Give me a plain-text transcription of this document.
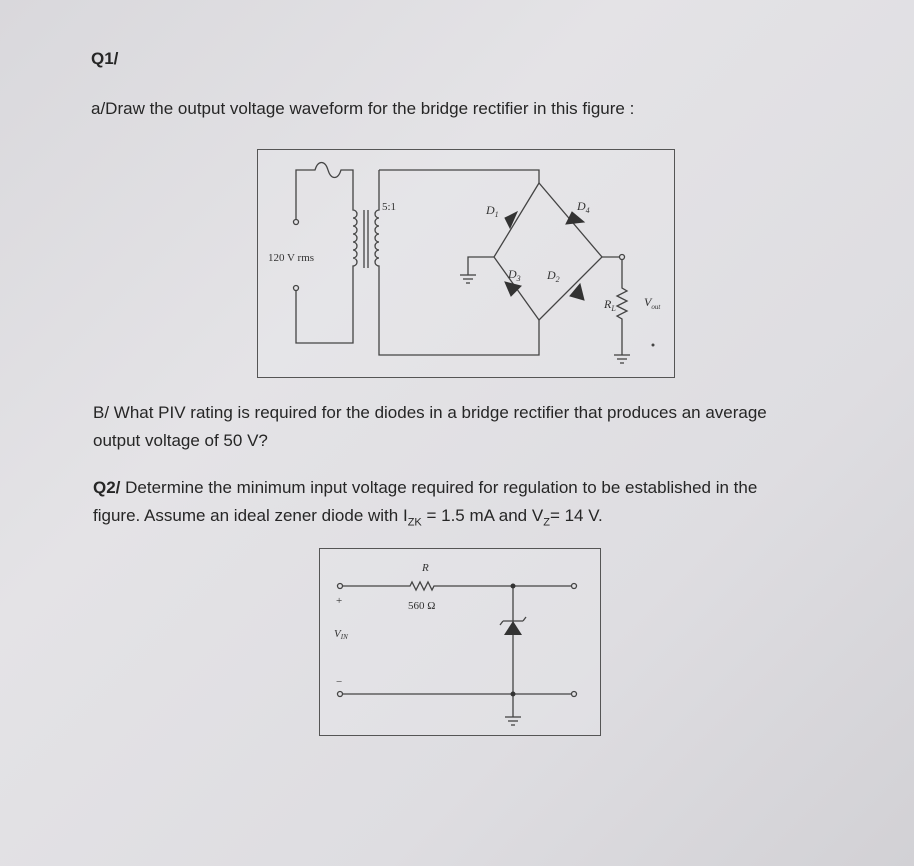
Q1/
a/Draw the output voltage waveform for the bridge rectifier in this figure :
120 V rms
5:1	$D_1$
$D_4$
$D_3$ $D_2$
$R_L$ $V_{out}$
B/ What PIV rating is required for the diodes in a bridge rectifier that produces an average
output voltage of 50 V?
Q2/ Determine the minimum input voltage required for regulation to be established in the
figure. Assume an ideal zener diode with $I_{ZK} = 1.5$ mA and $V_Z= 14$ V.
R
560 Ω
+
−
VIN
